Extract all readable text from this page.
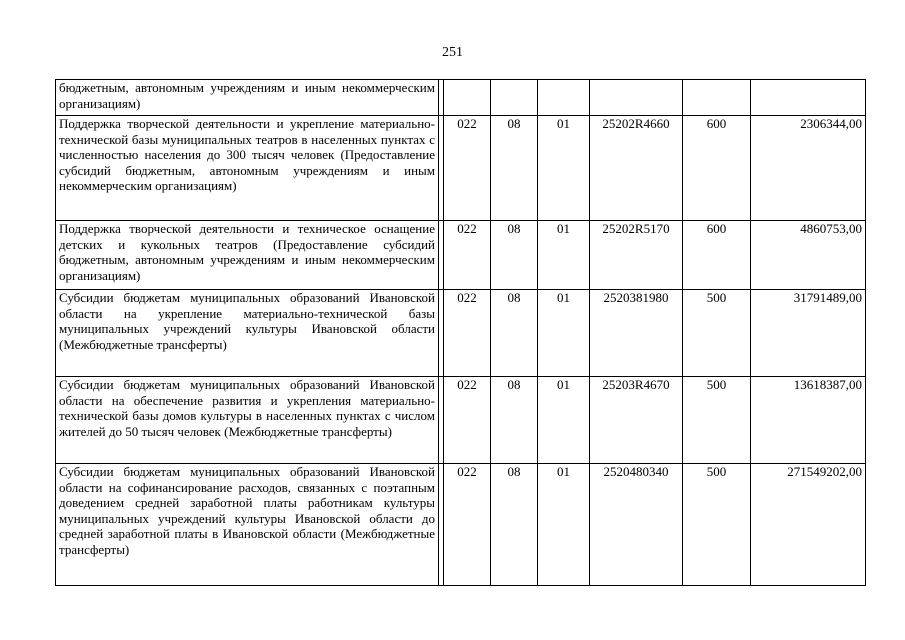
251
бюджетным, автономным учреждениям и иным некоммерческим организациям)							
Поддержка творческой деятельности и укрепление материально-технической базы муниципальных театров в населенных пунктах с численностью населения до 300 тысяч человек (Предоставление субсидий бюджетным, автономным учреждениям и иным некоммерческим организациям)		022	08	01	25202R4660	600	2306344,00
Поддержка творческой деятельности и техническое оснащение детских и кукольных театров (Предоставление субсидий бюджетным, автономным учреждениям и иным некоммерческим организациям)		022	08	01	25202R5170	600	4860753,00
Субсидии бюджетам муниципальных образований Ивановской области на укрепление материально-технической базы муниципальных учреждений культуры Ивановской области (Межбюджетные трансферты)		022	08	01	2520381980	500	31791489,00
Субсидии бюджетам муниципальных образований Ивановской области на обеспечение развития и укрепления материально-технической базы домов культуры в населенных пунктах с числом жителей до 50 тысяч человек (Межбюджетные трансферты)		022	08	01	25203R4670	500	13618387,00
Субсидии бюджетам муниципальных образований Ивановской области на софинансирование расходов, связанных с поэтапным доведением средней заработной платы работникам культуры муниципальных учреждений культуры Ивановской области до средней заработной платы в Ивановской области (Межбюджетные трансферты)		022	08	01	2520480340	500	271549202,00
